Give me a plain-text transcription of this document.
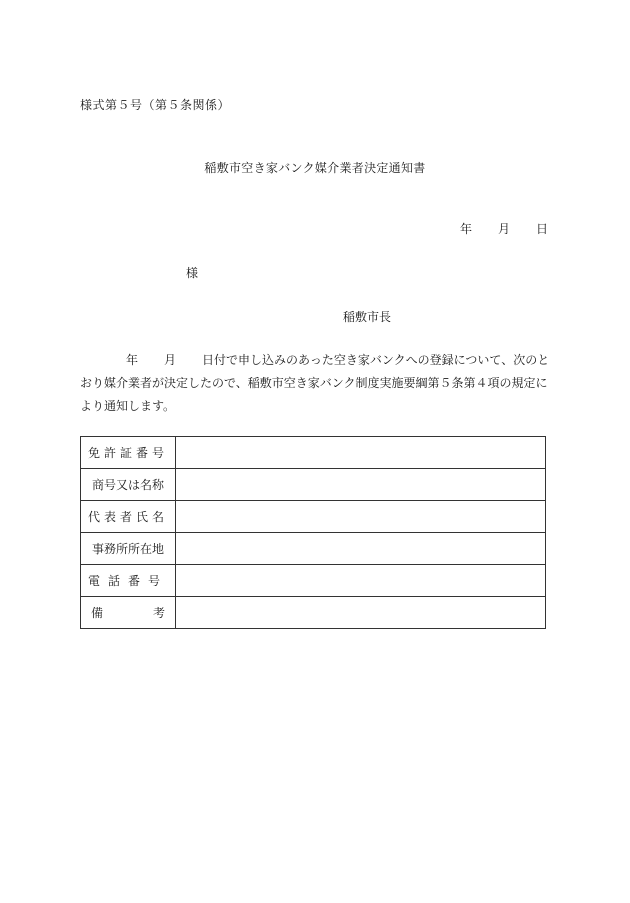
様式第５号（第５条関係）
稲敷市空き家バンク媒介業者決定通知書
年 月 日
様
稲敷市長
年 月 日付で申し込みのあった空き家バンクへの登録について、次のと
おり媒介業者が決定したので、稲敷市空き家バンク制度実施要綱第５条第４項の規定に
より通知します。
免許証番号	
商号又は名称	
代表者氏名	
事務所所在地	
電話番号	

備 考	
